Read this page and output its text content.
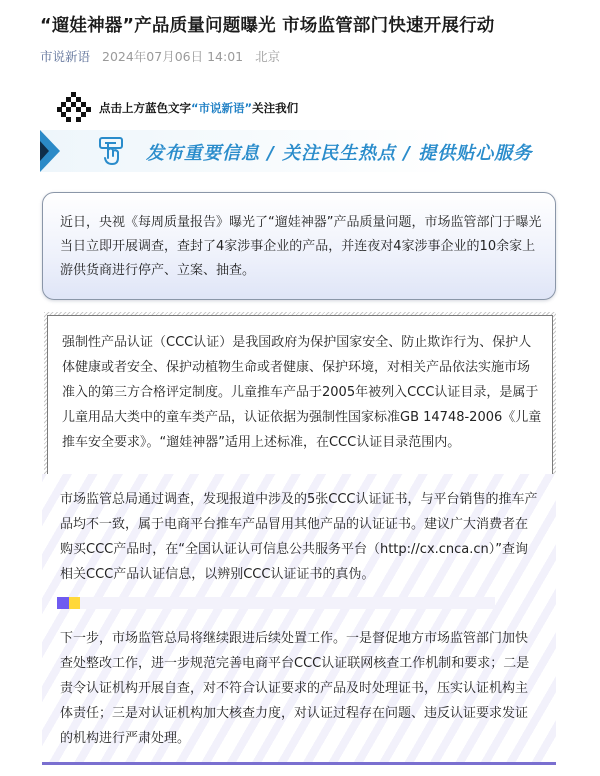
“遛娃神器”产品质量问题曝光 市场监管部门快速开展行动
市说新语 2024年07月06日 14:01 北京
点击上方蓝色文字“市说新语”关注我们
发布重要信息 / 关注民生热点 / 提供贴心服务

近日，央视《每周质量报告》曝光了“遛娃神器”产品质量问题，市场监管部门于曝光当日立即开展调查，查封了4家涉事企业的产品，并连夜对4家涉事企业的10余家上游供货商进行停产、立案、抽查。

强制性产品认证（CCC认证）是我国政府为保护国家安全、防止欺诈行为、保护人体健康或者安全、保护动植物生命或者健康、保护环境，对相关产品依法实施市场准入的第三方合格评定制度。儿童推车产品于2005年被列入CCC认证目录，是属于儿童用品大类中的童车类产品，认证依据为强制性国家标准GB 14748-2006《儿童推车安全要求》。“遛娃神器”适用上述标准，在CCC认证目录范围内。

市场监管总局通过调查，发现报道中涉及的5张CCC认证证书，与平台销售的推车产品均不一致，属于电商平台推车产品冒用其他产品的认证证书。建议广大消费者在购买CCC产品时，在“全国认证认可信息公共服务平台（http://cx.cnca.cn）”查询相关CCC产品认证信息，以辨别CCC认证证书的真伪。

下一步，市场监管总局将继续跟进后续处置工作。一是督促地方市场监管部门加快查处整改工作，进一步规范完善电商平台CCC认证联网核查工作机制和要求；二是责令认证机构开展自查，对不符合认证要求的产品及时处理证书，压实认证机构主体责任；三是对认证机构加大核查力度，对认证过程存在问题、违反认证要求发证的机构进行严肃处理。
